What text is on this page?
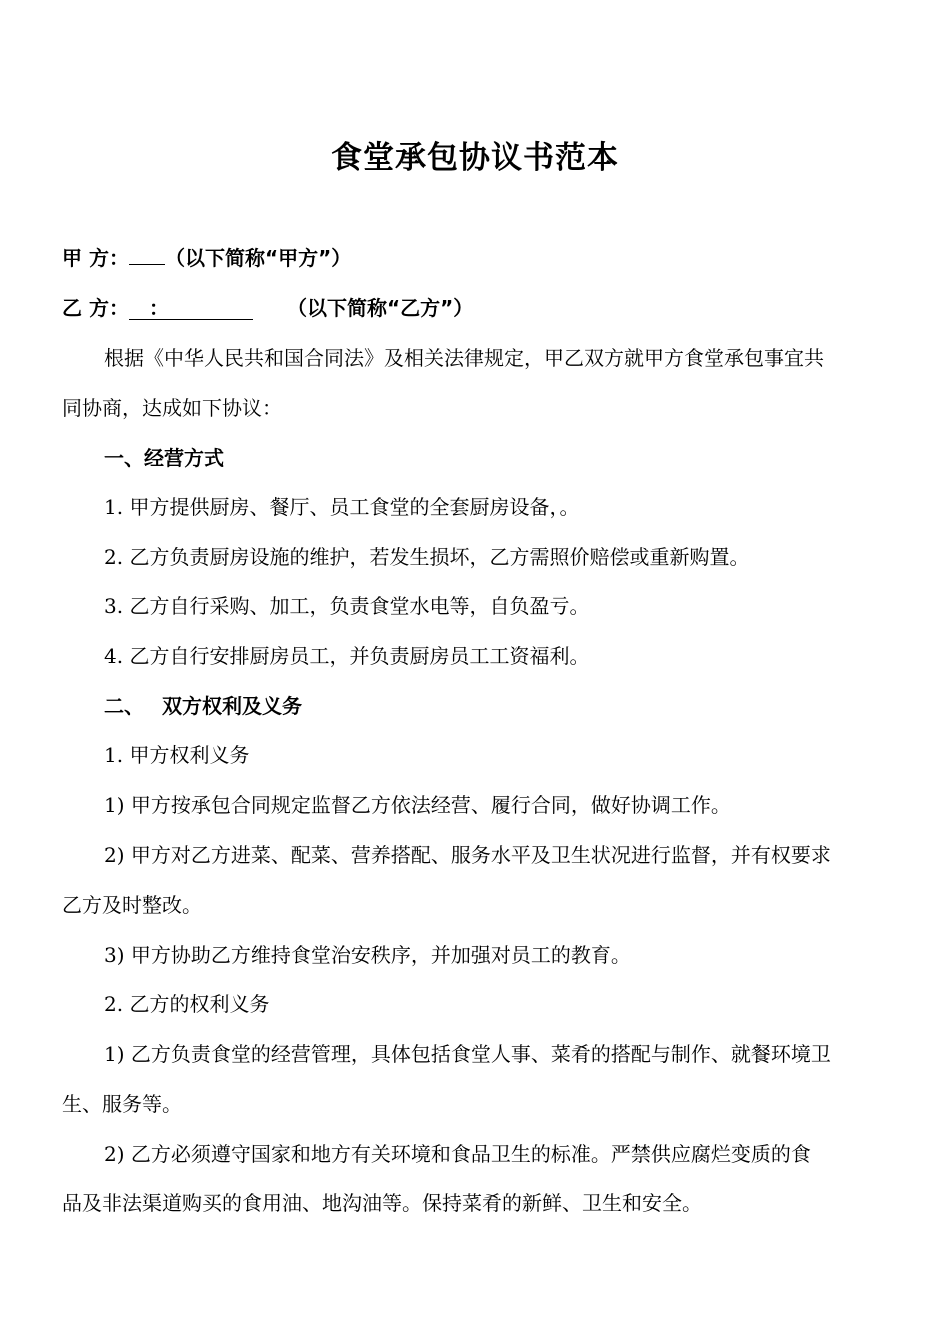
食堂承包协议书范本
甲 方： （以下简称“甲方”）
乙 方： ：	（以下简称“乙方”）
根据《中华人民共和国合同法》及相关法律规定，甲乙双方就甲方食堂承包事宜共
同协商，达成如下协议：
一、经营方式
1. 甲方提供厨房、餐厅、员工食堂的全套厨房设备，。
2. 乙方负责厨房设施的维护，若发生损坏，乙方需照价赔偿或重新购置。
3. 乙方自行采购、加工，负责食堂水电等，自负盈亏。
4. 乙方自行安排厨房员工，并负责厨房员工工资福利。
二、 双方权利及义务
1. 甲方权利义务
1) 甲方按承包合同规定监督乙方依法经营、履行合同，做好协调工作。
2) 甲方对乙方进菜、配菜、营养搭配、服务水平及卫生状况进行监督，并有权要求
乙方及时整改。
3) 甲方协助乙方维持食堂治安秩序，并加强对员工的教育。
2. 乙方的权利义务
1) 乙方负责食堂的经营管理，具体包括食堂人事、菜肴的搭配与制作、就餐环境卫
生、服务等。
2) 乙方必须遵守国家和地方有关环境和食品卫生的标准。严禁供应腐烂变质的食
品及非法渠道购买的食用油、地沟油等。保持菜肴的新鲜、卫生和安全。
